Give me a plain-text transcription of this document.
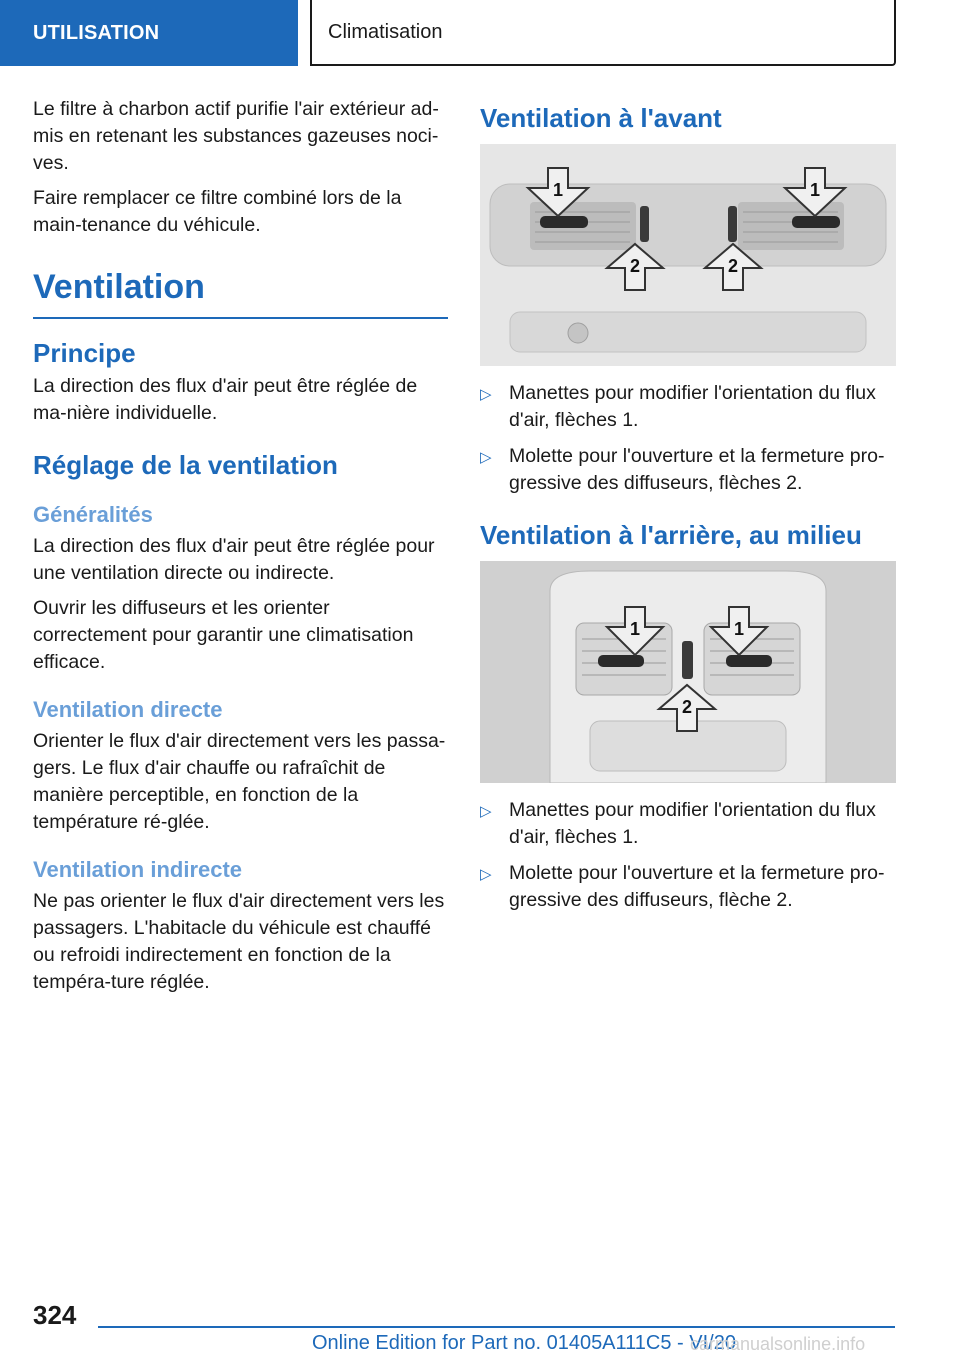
UTILISATION	Climatisation

Le filtre à charbon actif purifie l'air extérieur ad-mis en retenant les substances gazeuses noci-ves.

Faire remplacer ce filtre combiné lors de la main-tenance du véhicule.

Ventilation
Principe

La direction des flux d'air peut être réglée de ma-nière individuelle.

Réglage de la ventilation
Généralités

La direction des flux d'air peut être réglée pour une ventilation directe ou indirecte.

Ouvrir les diffuseurs et les orienter correctement pour garantir une climatisation efficace.

Ventilation directe

Orienter le flux d'air directement vers les passa-gers. Le flux d'air chauffe ou rafraîchit de manière perceptible, en fonction de la température ré-glée.

Ventilation indirecte

Ne pas orienter le flux d'air directement vers les passagers. L'habitacle du véhicule est chauffé ou refroidi indirectement en fonction de la tempéra-ture réglée.

Ventilation à l'avant
1	1
2	2
▷ Manettes pour modifier l'orientation du flux d'air, flèches 1.
▷ Molette pour l'ouverture et la fermeture pro-gressive des diffuseurs, flèches 2.
Ventilation à l'arrière, au milieu
1	1
2
▷ Manettes pour modifier l'orientation du flux d'air, flèches 1.
▷ Molette pour l'ouverture et la fermeture pro-gressive des diffuseurs, flèche 2.
324
Online Edition for Part no. 01405A111C5 - VI/20
carmanualsonline.info
